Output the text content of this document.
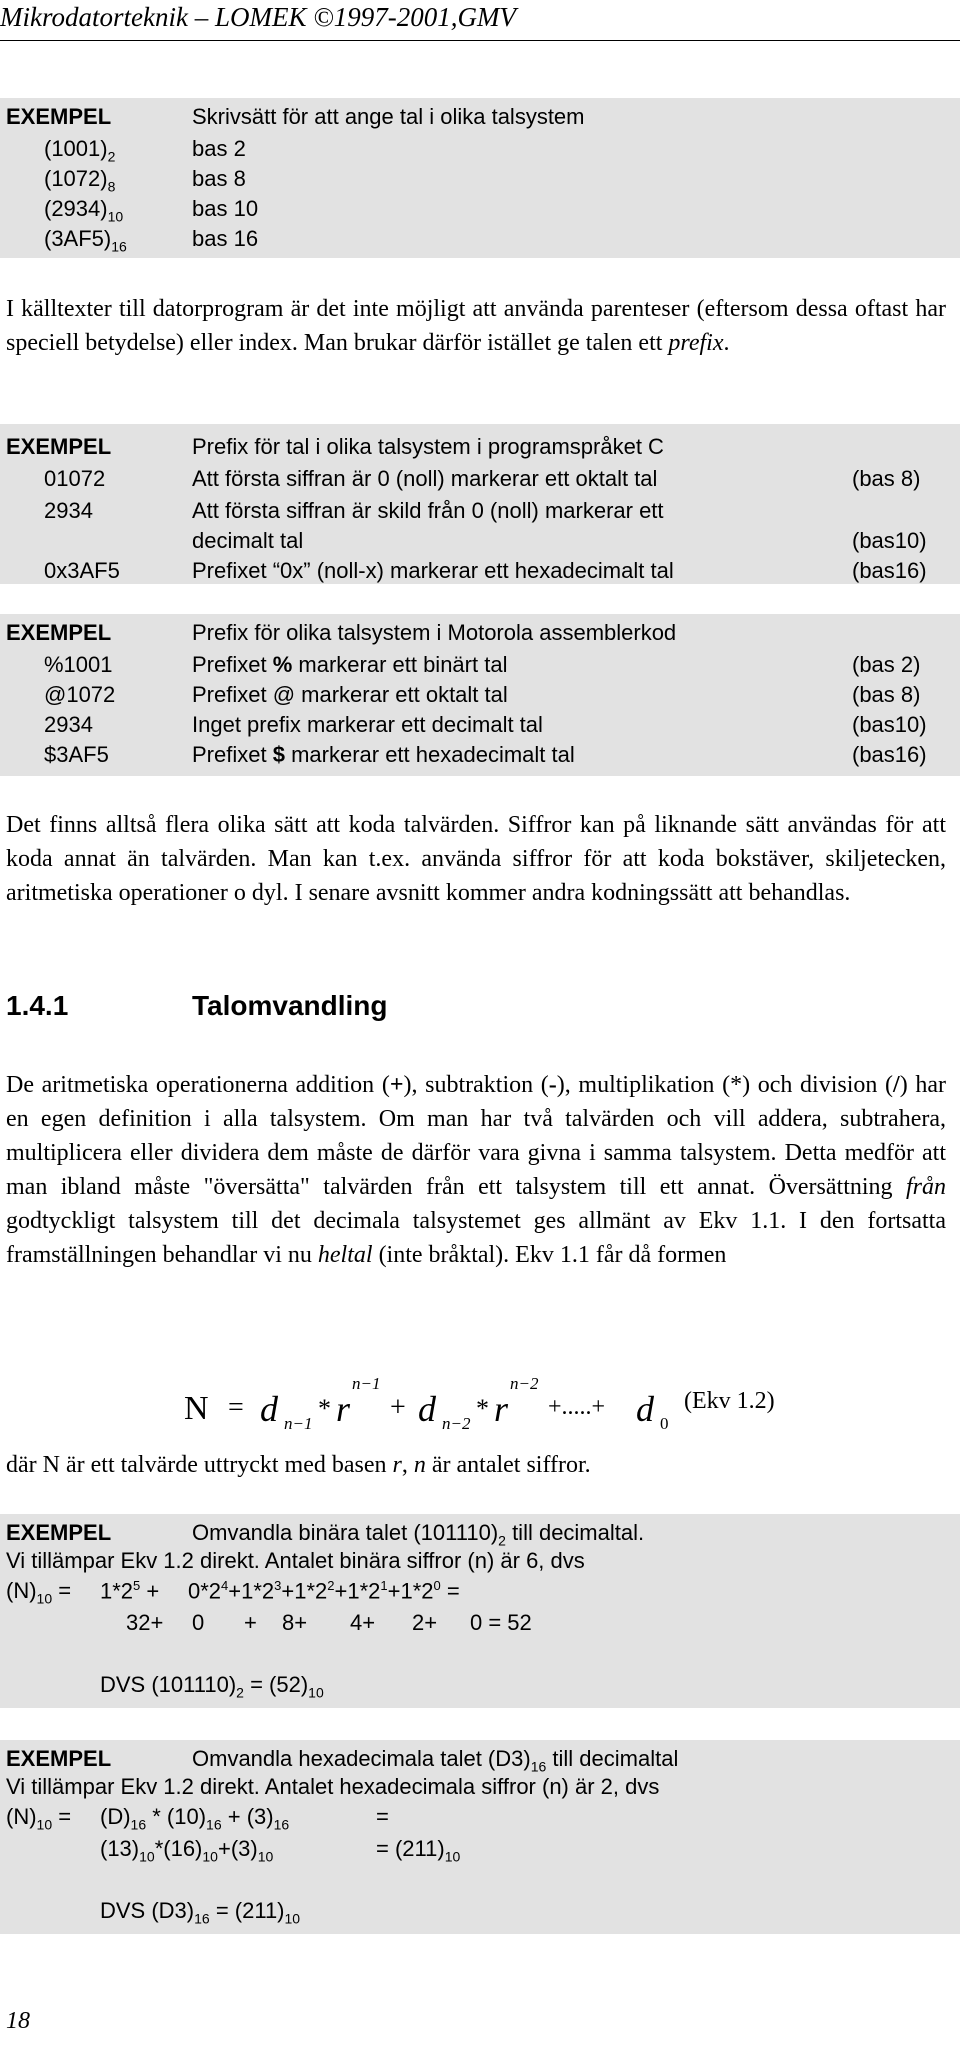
Mikrodatorteknik – LOMEK ©1997-2001,GMV
EXEMPEL	Skrivsätt för att ange tal i olika talsystem
$(1001)_2$	bas 2
$(1072)_8$	bas 8
$(2934)_{10}$	bas 10
$(3AF5)_{16}$	bas 16
I källtexter till datorprogram är det inte möjligt att använda parenteser (eftersom dessa oftast har speciell betydelse) eller index. Man brukar därför istället ge talen ett prefix.
EXEMPEL	Prefix för tal i olika talsystem i programspråket C
01072	Att första siffran är 0 (noll) markerar ett oktalt tal	(bas 8)
2934	Att första siffran är skild från 0 (noll) markerar ett
decimalt tal	(bas10)
0x3AF5	Prefixet “0x” (noll-x) markerar ett hexadecimalt tal	(bas16)
EXEMPEL	Prefix för olika talsystem i Motorola assemblerkod
%1001	Prefixet % markerar ett binärt tal	(bas 2)
@1072	Prefixet @ markerar ett oktalt tal	(bas 8)
2934	Inget prefix markerar ett decimalt tal	(bas10)
$3AF5	Prefixet $ markerar ett hexadecimalt tal	(bas16)
Det finns alltså flera olika sätt att koda talvärden. Siffror kan på liknande sätt användas för att koda annat än talvärden. Man kan t.ex. använda siffror för att koda bokstäver, skiljetecken, aritmetiska operationer o dyl. I senare avsnitt kommer andra kodningssätt att behandlas.
1.4.1	Talomvandling
De aritmetiska operationerna addition (+), subtraktion (-), multiplikation (*) och division (/) har en egen definition i alla talsystem. Om man har två talvärden och vill addera, subtrahera, multiplicera eller dividera dem måste de därför vara givna i samma talsystem. Detta medför att man ibland måste "översätta" talvärden från ett talsystem till ett annat. Översättning från godtyckligt talsystem till det decimala talsystemet ges allmänt av Ekv 1.1. I den fortsatta framställningen behandlar vi nu heltal (inte bråktal). Ekv 1.1 får då formen
N = d n−1
* r
n−1
+ d n−2
* r
n−2
+.....+ d 0
(Ekv 1.2)
där N är ett talvärde uttryckt med basen r, n är antalet siffror.
EXEMPEL	Omvandla binära talet $(101110)_2$ till decimaltal.
Vi tillämpar Ekv 1.2 direkt. Antalet binära siffror (n) är 6, dvs
$(N)_{10} = 1*2^5 + 0*2^4+1*2^3+1*2^2+1*2^1+1*2^0$ =
32+ 0 + 8+ 4+ 2+ 0 = 52
DVS $(101110)_2 = (52)_{10}$
EXEMPEL	Omvandla hexadecimala talet $(D3)_{16}$ till decimaltal
Vi tillämpar Ekv 1.2 direkt. Antalet hexadecimala siffror (n) är 2, dvs
$(N)_{10} = (D)_{16} * (10)_{16} + (3)_{16}$	=
$(13)_{10}*(16)_{10}+(3)_{10}$	= $(211)_{10}$
DVS $(D3)_{16} = (211)_{10}$
18
